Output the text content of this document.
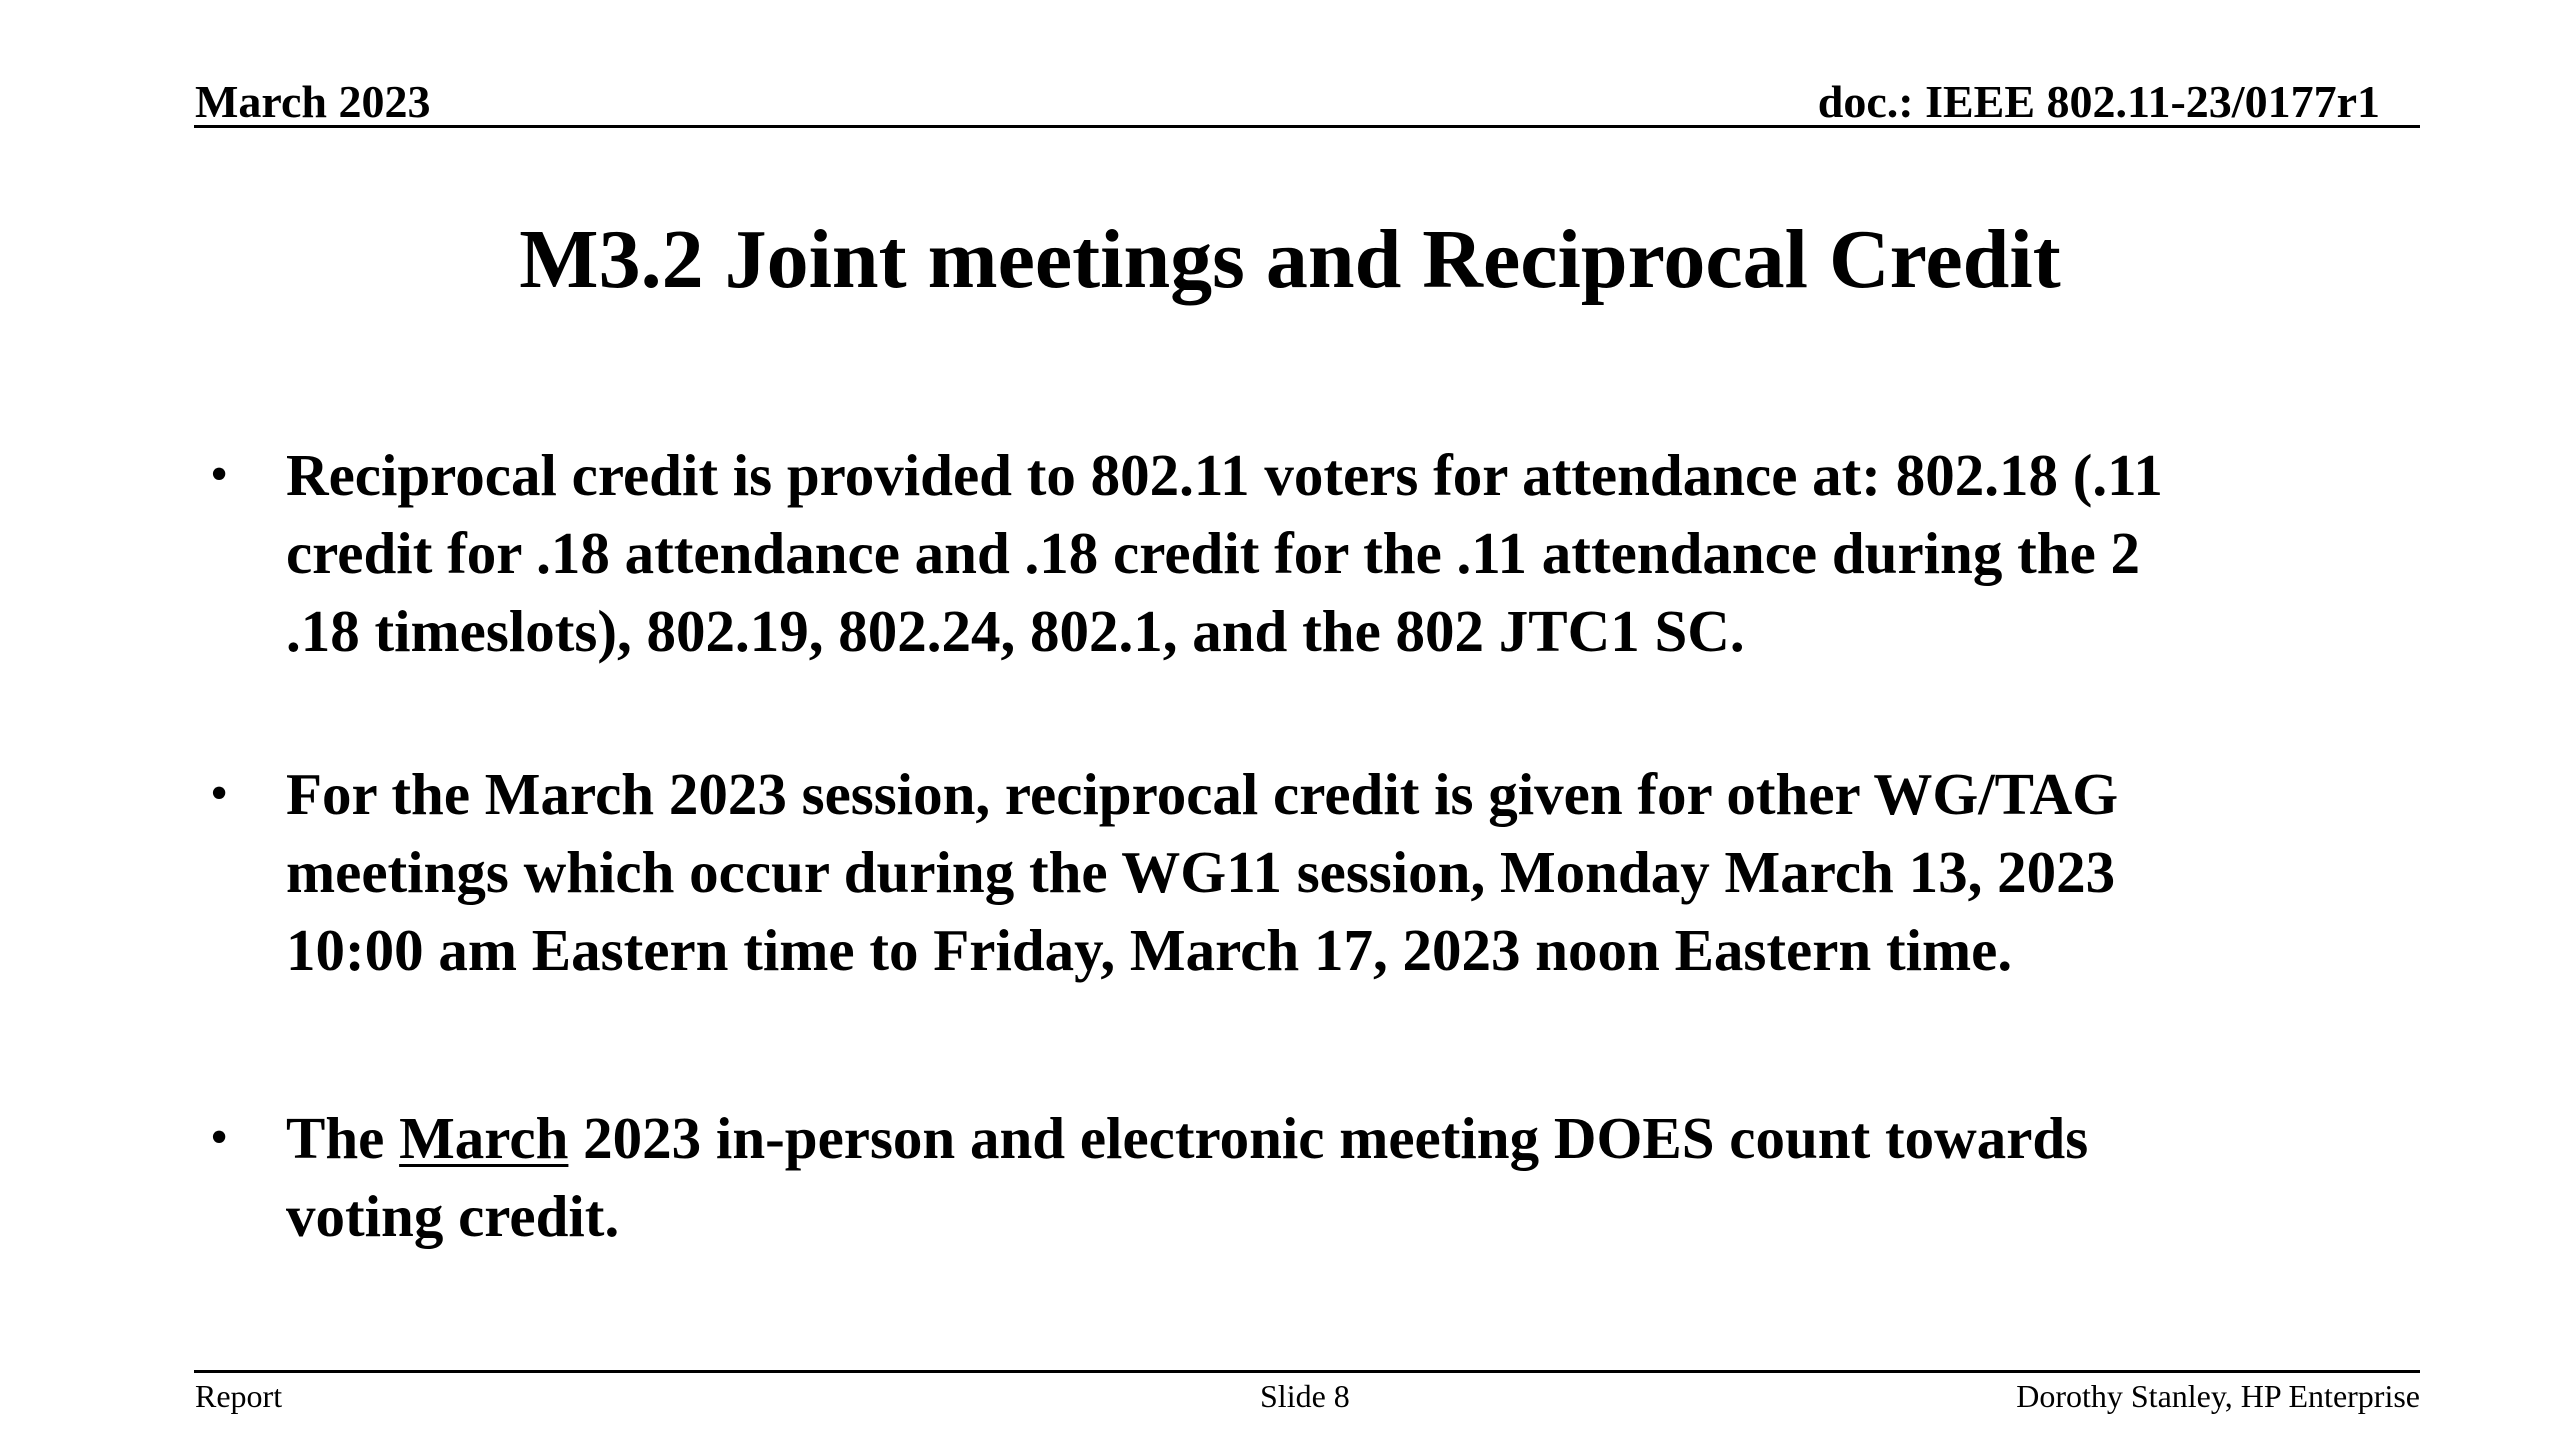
March 2023	doc.: IEEE 802.11-23/0177r1
M3.2 Joint meetings and Reciprocal Credit
• Reciprocal credit is provided to 802.11 voters for attendance at: 802.18 (.11
credit for .18 attendance and .18 credit for the .11 attendance during the 2
.18 timeslots), 802.19, 802.24, 802.1, and the 802 JTC1 SC.
• For the March 2023 session, reciprocal credit is given for other WG/TAG
meetings which occur during the WG11 session, Monday March 13, 2023
10:00 am Eastern time to Friday, March 17, 2023 noon Eastern time.
• The March 2023 in-person and electronic meeting DOES count towards
voting credit.
Report	Slide 8	Dorothy Stanley, HP Enterprise
